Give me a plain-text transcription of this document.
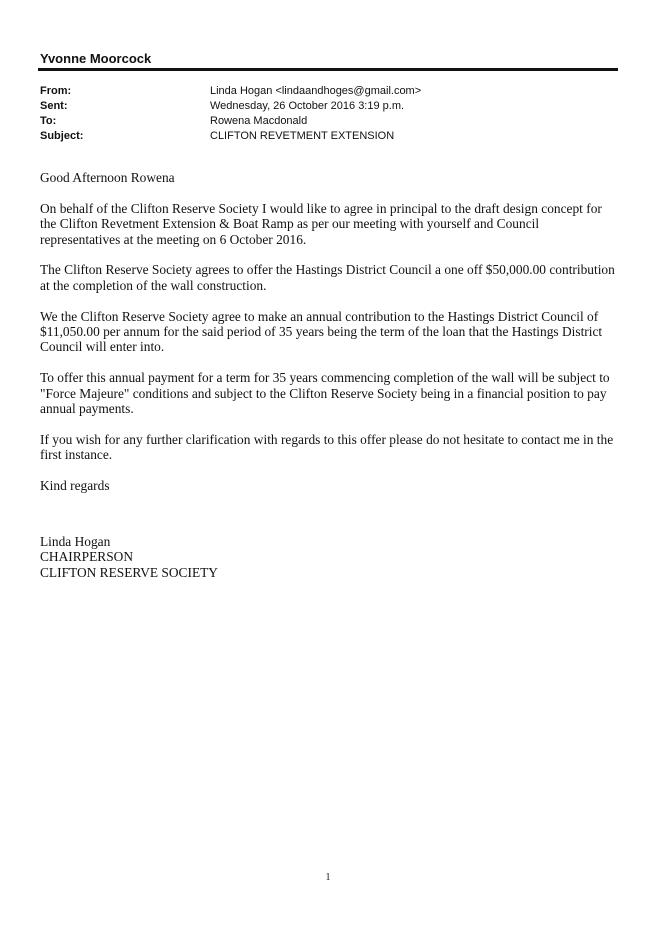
Yvonne Moorcock
From:	Linda Hogan <lindaandhoges@gmail.com>
Sent:	Wednesday, 26 October 2016 3:19 p.m.
To:	Rowena Macdonald
Subject:	CLIFTON REVETMENT EXTENSION

Good Afternoon Rowena

On behalf of the Clifton Reserve Society I would like to agree in principal to the draft design concept for the Clifton Revetment Extension & Boat Ramp as per our meeting with yourself and Council representatives at the meeting on 6 October 2016.

The Clifton Reserve Society agrees to offer the Hastings District Council a one off $50,000.00 contribution at the completion of the wall construction.

We the Clifton Reserve Society agree to make an annual contribution to the Hastings District Council of $11,050.00 per annum for the said period of 35 years being the term of the loan that the Hastings District Council will enter into.

To offer this annual payment for a term for 35 years commencing completion of the wall will be subject to "Force Majeure" conditions and subject to the Clifton Reserve Society being in a financial position to pay annual payments.

If you wish for any further clarification with regards to this offer please do not hesitate to contact me in the first instance.

Kind regards

Linda Hogan
CHAIRPERSON
CLIFTON RESERVE SOCIETY
1
